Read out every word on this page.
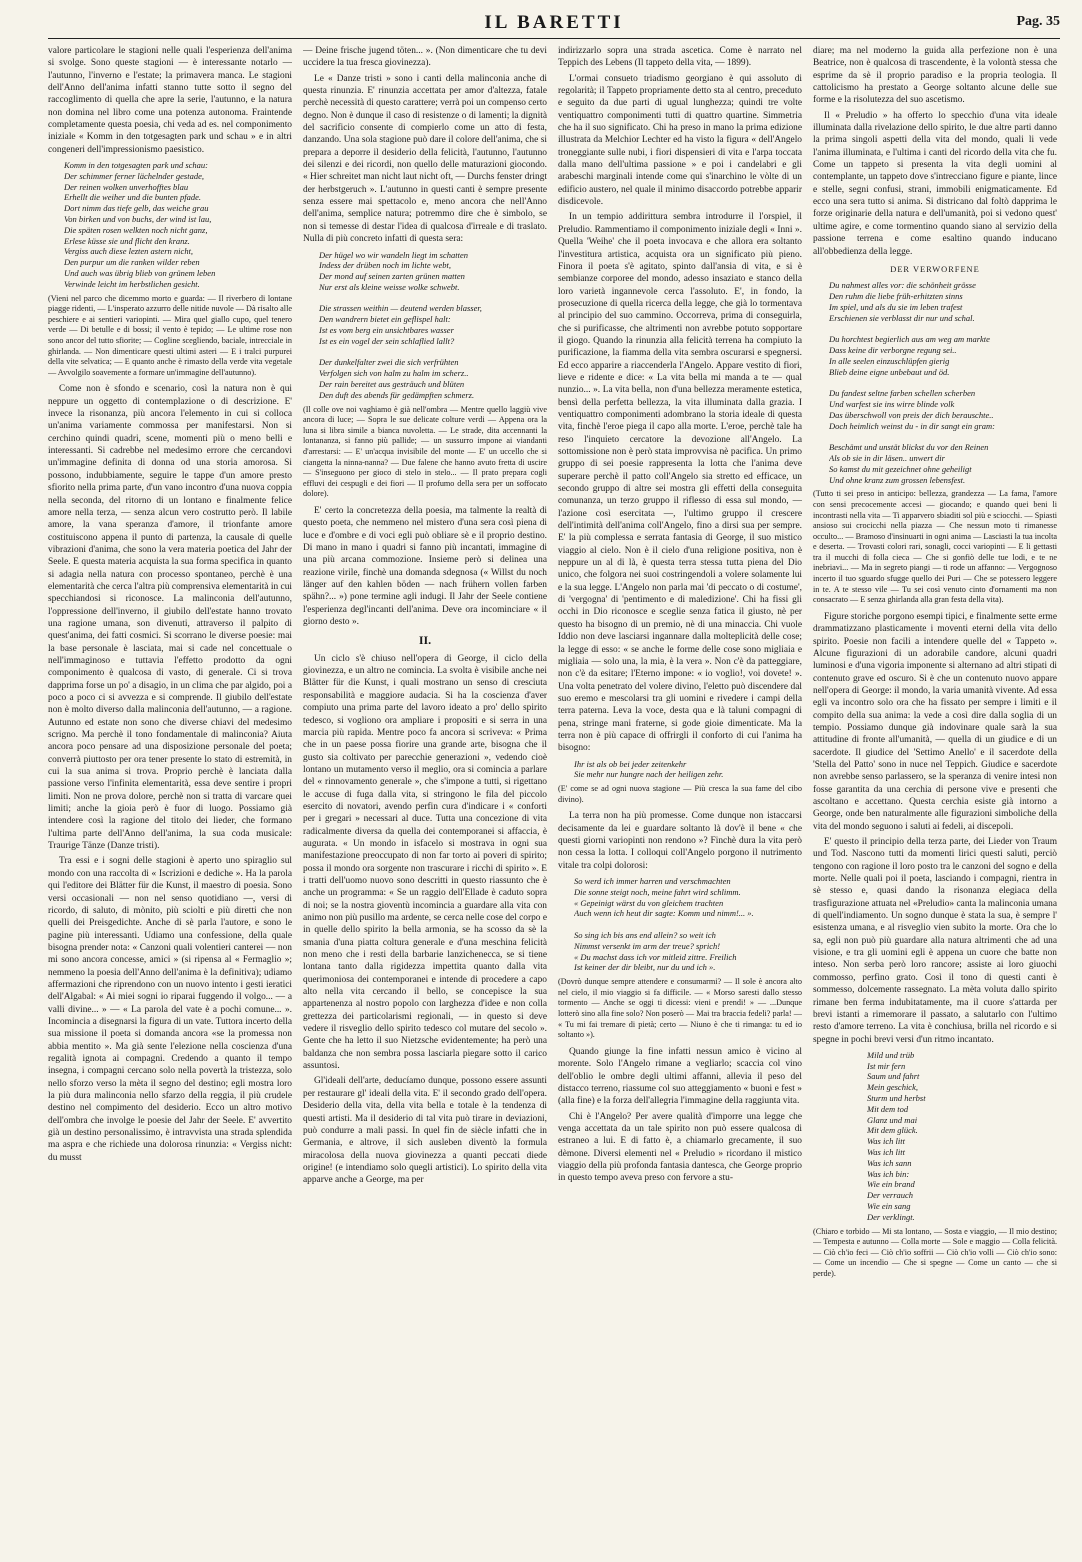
IL BARETTI	Pag. 35

valore particolare le stagioni nelle quali l'esperienza dell'anima si svolge. Sono queste stagioni — è interessante notarlo — l'autunno, l'inverno e l'estate; la primavera manca. Le stagioni dell'Anno dell'anima infatti stanno tutte sotto il segno del raccoglimento di quella che apre la serie, l'autunno, e la natura non domina nel libro come una potenza autonoma. Fraintende completamente questa poesia, chi veda ad es. nel componimento iniziale « Komm in den totgesagten park und schau » e in altri congeneri dell'impressionismo paesistico.

Komm in den totgesagten park und schau:
Der schimmer ferner lächelnder gestade,
Der reinen wolken unverhofftes blau
Erhellt die weiher und die bunten pfade.
Dort nimm das tiefe gelb, das weiche grau
Von birken und von buchs, der wind ist lau,
Die späten rosen welkten noch nicht ganz,
Erlese küsse sie und flicht den kranz.
Vergiss auch diese lezten astern nicht,
Den purpur um die ranken wilder reben
Und auch was übrig blieb von grünem leben
Verwinde leicht im herbstlichen gesicht.
(Vieni nel parco che dicemmo morto e guarda: — Il riverbero di lontane piagge ridenti, — L'insperato azzurro delle nitide nuvole — Dà risalto alle peschiere e ai sentieri variopinti. — Mira quel giallo cupo, quel tenero verde — Di betulle e di bossi; il vento è tepido; — Le ultime rose non sono ancor del tutto sfiorite; — Cogline scegliendo, baciale, intrecciale in ghirlanda. — Non dimenticare questi ultimi asteri — E i tralci purpurei della vite selvatica; — E quanto anche è rimasto della verde vita vegetale — Avvolgilo soavemente a formare un'immagine dell'autunno).

Come non è sfondo e scenario, così la natura non è qui neppure un oggetto di contemplazione o di descrizione. E' invece la risonanza, più ancora l'elemento in cui si colloca un'anima variamente commossa per manifestarsi. Non si cerchino quindi quadri, scene, momenti più o meno belli e interessanti. Si cadrebbe nel medesimo errore che cercandovi un'immagine definita di donna od una storia amorosa. Si possono, indubbiamente, seguire le tappe d'un amore presto sfiorito nella prima parte, d'un vano incontro d'una nuova coppia nella seconda, del ritorno di un lontano e finalmente felice amore nella terza, — senza alcun vero costrutto però. Il labile amore, la vana speranza d'amore, il trionfante amore costituiscono appena il punto di partenza, la causale di quelle vibrazioni d'anima, che sono la vera materia poetica del Jahr der Seele. E questa materia acquista la sua forma specifica in quanto si adagia nella natura con processo spontaneo, perchè è una elementarità che cerca l'altra più comprensiva elementarità in cui specchiandosi si riconosce. La malinconia dell'autunno, l'oppressione dell'inverno, il giubilo dell'estate hanno trovato una ragione umana, son divenuti, attraverso il palpito di quest'anima, dei fatti cosmici. Si scorrano le diverse poesie: mai la base personale è lasciata, mai si cade nel concettuale o nell'immaginoso e tuttavia l'effetto prodotto da ogni componimento è qualcosa di vasto, di generale. Ci si trova dapprima forse un po' a disagio, in un clima che par algido, poi a poco a poco ci si avvezza e si comprende. Il giubilo dell'estate non è molto diverso dalla malinconia dell'autunno, — a ragione. Autunno ed estate non sono che diverse chiavi del medesimo scrigno. Ma perchè il tono fondamentale di malinconia? Aiuta ancora poco pensare ad una disposizione personale del poeta; converrà piuttosto per ora tener presente lo stato di estremità, in cui la sua anima si trova. Proprio perchè è lanciata dalla passione verso l'infinita elementarità, essa deve sentire i propri limiti. Non ne prova dolore, perchè non si tratta di varcare quei limiti; anche la gioia però è fuor di luogo. Possiamo già intendere così la ragione del titolo dei lieder, che formano l'ultima parte dell'Anno dell'anima, la sua coda musicale: Traurige Tänze (Danze tristi).

Tra essi e i sogni delle stagioni è aperto uno spiraglio sul mondo con una raccolta di « Iscrizioni e dediche ». Ha la parola qui l'editore dei Blätter für die Kunst, il maestro di poesia. Sono versi occasionali — non nel senso quotidiano —, versi di ricordo, di saluto, di mònito, più sciolti e più diretti che non quelli dei Preisgedichte. Anche di sè parla l'autore, e sono le pagine più interessanti. Udiamo una confessione, della quale bisogna prender nota: « Canzoni quali volentieri canterei — non mi sono ancora concesse, amici » (si ripensa al « Fermaglio »; nemmeno la poesia dell'Anno dell'anima è la definitiva); udiamo affermazioni che riprendono con un nuovo intento i gesti ieratici dell'Algabal: « Ai miei sogni io riparai fuggendo il volgo... — a valli divine... » — « La parola del vate è a pochi comune... ». Incomincia a disegnarsi la figura di un vate. Tuttora incerto della sua missione il poeta si domanda ancora «se la promessa non abbia mentito ». Ma già sente l'elezione nella coscienza d'una regalità ignota ai compagni. Credendo a quanto il tempo insegna, i compagni cercano solo nella povertà la tristezza, solo nello sforzo verso la mèta il segno del destino; egli mostra loro la più dura malinconia nello sfarzo della reggia, il più crudele destino nel compimento del desiderio. Ecco un altro motivo dell'ombra che involge le poesie del Jahr der Seele. E' avvertito già un destino personalissimo, è intravvista una strada splendida ma aspra e che richiede una dolorosa rinunzia: « Vergiss nicht: du musst

— Deine frische jugend töten... ». (Non dimenticare che tu devi uccidere la tua fresca giovinezza).

Le « Danze tristi » sono i canti della malinconia anche di questa rinunzia. E' rinunzia accettata per amor d'altezza, fatale perchè necessità di questo carattere; verrà poi un compenso certo degno. Non è dunque il caso di resistenze o di lamenti; la dignità del sacrificio consente di compierlo come un atto di festa, danzando. Una sola stagione può dare il colore dell'anima, che si prepara a deporre il desiderio della felicità, l'autunno, l'autunno dei silenzi e dei ricordi, non quello delle maturazioni giocondo. « Hier schreitet man nicht laut nicht oft, — Durchs fenster dringt der herbstgeruch ». L'autunno in questi canti è sempre presente senza essere mai spettacolo e, meno ancora che nell'Anno dell'anima, semplice natura; potremmo dire che è simbolo, se non si temesse di destar l'idea di qualcosa d'irreale e di traslato. Nulla di più concreto infatti di questa sera:

Der hügel wo wir wandeln liegt im schatten
Indess der drüben noch im lichte webt,
Der mond auf seinen zarten grünen matten
Nur erst als kleine weisse wolke schwebt.

Die strassen weithin — deutend werden blasser,
Den wandrern bietet ein geflispel halt:
Ist es vom berg ein unsichtbares wasser
Ist es ein vogel der sein schlaflied lallt?

Der dunkelfalter zwei die sich verfrühten
Verfolgen sich von halm zu halm im scherz..
Der rain bereitet aus gesträuch und blüten
Den duft des abends für gedämpften schmerz.
(Il colle ove noi vaghiamo è già nell'ombra — Mentre quello laggiù vive ancora di luce; — Sopra le sue delicate colture verdi — Appena ora la luna si libra simile a bianca nuvoletta. — Le strade, dita accennanti la lontananza, si fanno più pallide; — un sussurro impone ai viandanti d'arrestarsi: — E' un'acqua invisibile del monte — E' un uccello che si ciangetta la ninna-nanna? — Due falene che hanno avuto fretta di uscire — S'inseguono per gioco di stelo in stelo... — Il prato prepara cogli effluvi dei cespugli e dei fiori — Il profumo della sera per un soffocato dolore).

E' certo la concretezza della poesia, ma talmente la realtà di questo poeta, che nemmeno nel mistero d'una sera così piena di luce e d'ombre e di voci egli può obliare sè e il proprio destino. Di mano in mano i quadri si fanno più incantati, immagine di una più arcana commozione. Insieme però si delinea una reazione virile, finchè una domanda sdegnosa (« Willst du noch länger auf den kahlen böden — nach frühern vollen farben spähn?... ») pone termine agli indugi. Il Jahr der Seele contiene l'esperienza degl'incanti dell'anima. Deve ora incominciare « il giorno desto ».

II.

Un ciclo s'è chiuso nell'opera di George, il ciclo della giovinezza, e un altro ne comincia. La svolta è visibile anche nei Blätter für die Kunst, i quali mostrano un senso di cresciuta responsabilità e maggiore audacia. Si ha la coscienza d'aver compiuto una prima parte del lavoro ideato a pro' dello spirito tedesco, si vogliono ora ampliare i propositi e si serra in una marcia più rapida. Mentre poco fa ancora si scriveva: « Prima che in un paese possa fiorire una grande arte, bisogna che il gusto sia coltivato per parecchie generazioni », vedendo cioè lontano un mutamento verso il meglio, ora si comincia a parlare del « rinnovamento generale », che s'impone a tutti, si rigettano le accuse di fuga dalla vita, si stringono le fila del piccolo esercito di novatori, avendo perfin cura d'indicare i « conforti per i gregari » necessari al duce. Tutta una concezione di vita radicalmente diversa da quella dei contemporanei si affaccia, è augurata. « Un mondo in isfacelo si mostrava in ogni sua manifestazione preoccupato di non far torto ai poveri di spirito; possa il mondo ora sorgente non trascurare i ricchi di spirito ». E i tratti dell'uomo nuovo sono descritti in questo riassunto che è anche un programma: « Se un raggio dell'Ellade è caduto sopra di noi; se la nostra gioventù incomincia a guardare alla vita con animo non più pusillo ma ardente, se cerca nelle cose del corpo e in quelle dello spirito la bella armonia, se ha scosso da sè la smania d'una piatta coltura generale e d'una meschina felicità non meno che i resti della barbarie lanzichenecca, se si tiene lontana tanto dalla rigidezza impettita quanto dalla vita querimoniosa dei contemporanei e intende di procedere a capo alto nella vita cercando il bello, se concepisce la sua appartenenza al nostro popolo con larghezza d'idee e non colla grettezza dei particolarismi regionali, — in questo si deve vedere il risveglio dello spirito tedesco col mutare del secolo ». Gente che ha letto il suo Nietzsche evidentemente; ha però una baldanza che non sembra possa lasciarla piegare sotto il carico assuntosi.

Gl'ideali dell'arte, deducíamo dunque, possono essere assunti per restaurare gl' ideali della vita. E' il secondo grado dell'opera. Desiderio della vita, della vita bella e totale è la tendenza di questi artisti. Ma il desiderio di tal vita può tirare in deviazioni, può condurre a mali passi. In quel fin de siècle infatti che in Germania, e altrove, il sich ausleben diventò la formula miracolosa della nuova giovinezza a quanti peccati diede origine! (e intendiamo solo quegli artistici). Lo spirito della vita apparve anche a George, ma per

indirizzarlo sopra una strada ascetica. Come è narrato nel Teppich des Lebens (Il tappeto della vita, — 1899).

L'ormai consueto triadismo georgiano è qui assoluto di regolarità; il Tappeto propriamente detto sta al centro, preceduto e seguito da due parti di ugual lunghezza; quindi tre volte ventiquattro componimenti tutti di quattro quartine. Simmetria che ha il suo significato. Chi ha preso in mano la prima edizione illustrata da Melchior Lechter ed ha visto la figura « dell'Angelo troneggiante sulle nubi, i fiori dispensieri di vita e l'arpa toccata dalla mano dell'ultima passione » e poi i candelabri e gli arabeschi marginali intende come qui s'inarchino le vòlte di un edificio austero, nel quale il minimo disaccordo potrebbe apparir disdicevole.

In un tempio addirittura sembra introdurre il l'orspiel, il Preludio. Rammentiamo il componimento iniziale degli « Inni ». Quella 'Weihe' che il poeta invocava e che allora era soltanto l'investitura artistica, acquista ora un significato più pieno. Finora il poeta s'è agitato, spinto dall'ansia di vita, e si è sembianze corporee del mondo, adesso insaziato e stanco della loro varietà ingannevole cerca l'assoluto. E', in fondo, la prosecuzione di quella ricerca della legge, che già lo tormentava al principio del suo cammino. Occorreva, prima di conseguirla, che si purificasse, che altrimenti non avrebbe potuto sopportare il giogo. Quando la rinunzia alla felicità terrena ha compiuto la purificazione, la fiamma della vita sembra oscurarsi e spegnersi. Ed ecco apparire a riaccenderla l'Angelo. Appare vestito di fiori, lieve e ridente e dice: « La vita bella mi manda a te — qual nunzio... ». La vita bella, non d'una bellezza meramente estetica, bensì della perfetta bellezza, la vita illuminata dalla grazia. I ventiquattro componimenti adombrano la storia ideale di questa vita, finchè l'eroe piega il capo alla morte. L'eroe, perchè tale ha reso l'inquieto cercatore la devozione all'Angelo. La sottomissione non è però stata improvvisa nè pacifica. Un primo gruppo di sei poesie rappresenta la lotta che l'anima deve superare perchè il patto coll'Angelo sia stretto ed efficace, un secondo gruppo di altre sei mostra gli effetti della conseguita comunanza, un terzo gruppo il riflesso di essa sul mondo, — l'azione così esercitata —, l'ultimo gruppo il crescere dell'intimità dell'anima coll'Angelo, fino a dirsi sua per sempre. E' la più complessa e serrata fantasia di George, il suo mistico viaggio al cielo. Non è il cielo d'una religione positiva, non è neppure un al di là, è questa terra stessa tutta piena del Dio unico, che folgora nei suoi costringendoli a volere solamente lui e la sua legge. L'Angelo non parla mai 'di peccato o di costume', di 'vergogna' di 'pentimento e di maledizione'. Chi ha fissi gli occhi in Dio riconosce e sceglie senza fatica il giusto, nè per questo ha bisogno di un premio, nè di una minaccia. Chi vuole Iddio non deve lasciarsi ingannare dalla molteplicità delle cose; la legge di esso: « se anche le forme delle cose sono migliaia e migliaia — solo una, la mia, è la vera ». Non c'è da patteggiare, non c'è da esitare; l'Eterno impone: « io voglio!, voi dovete! ». Una volta penetrato del volere divino, l'eletto può discendere dal suo eremo e mescolarsi tra gli uomini e rivedere i campi della terra paterna. Leva la voce, desta qua e là taluni compagni di pena, stringe mani fraterne, si gode gioie dimenticate. Ma la terra non è più capace di offrirgli il conforto di cui l'anima ha bisogno:

Ihr ist als ob bei jeder zeitenkehr
Sie mehr nur hungre nach der heiligen zehr.
(E' come se ad ogni nuova stagione — Più cresca la sua fame del cibo divino).

La terra non ha più promesse. Come dunque non istaccarsi decisamente da lei e guardare soltanto là dov'è il bene « che questi giorni variopinti non rendono »? Finchè dura la vita però non cessa la lotta. I colloqui coll'Angelo porgono il nutrimento vitale tra colpi dolorosi:

So werd ich immer harren und verschmachten
Die sonne steigt noch, meine fahrt wird schlimm.
« Gepeinigt wärst du von gleichem trachten
Auch wenn ich heut dir sagte: Komm und nimm!... ».

So sing ich bis ans end allein? so weit ich
Nimmst versenkt im arm der treue? sprich!
« Du machst dass ich vor mitleid zittre. Freilich
Ist keiner der dir bleibt, nur du und ich ».
(Dovrò dunque sempre attendere e consumarmi? — Il sole è ancora alto nel cielo, il mio viaggio si fa difficile. — « Morso saresti dallo stesso tormento — Anche se oggi ti dicessi: vieni e prendi! » — ...Dunque lotterò sino alla fine solo? Non poserò — Mai tra braccia fedeli? parla! — « Tu mi fai tremare di pietà; certo — Niuno è che ti rimanga: tu ed io soltanto »).

Quando giunge la fine infatti nessun amico è vicino al morente. Solo l'Angelo rimane a vegliarlo; scaccia col vino dell'oblio le ombre degli ultimi affanni, allevia il peso del distacco terreno, riassume col suo atteggiamento « buoni e fest » (alla fine) e la forza dell'allegria l'immagine della raggiunta vita.

Chi è l'Angelo? Per avere qualità d'imporre una legge che venga accettata da un tale spirito non può essere qualcosa di estraneo a lui. E di fatto è, a chiamarlo grecamente, il suo dèmone. Diversi elementi nel « Preludio » ricordano il mistico viaggio della più profonda fantasia dantesca, che George proprio in questo tempo aveva preso con fervore a stu-

diare; ma nel moderno la guida alla perfezione non è una Beatrice, non è qualcosa di trascendente, è la volontà stessa che esprime da sè il proprio paradiso e la propria teologia. Il cattolicismo ha prestato a George soltanto alcune delle sue forme e la risolutezza del suo ascetismo.

Il « Preludio » ha offerto lo specchio d'una vita ideale illuminata dalla rivelazione dello spirito, le due altre parti danno la prima singoli aspetti della vita del mondo, quali li vede l'anima illuminata, e l'ultima i canti del ricordo della vita che fu. Come un tappeto si presenta la vita degli uomini al contemplante, un tappeto dove s'intrecciano figure e piante, lince e stelle, segni confusi, strani, immobili enigmaticamente. Ed ecco una sera tutto si anima. Si districano dal foltò dapprima le forze originarie della natura e dell'umanità, poi si vedono quest' ultime agire, e come tormentino quando siano al servizio della passione terrena e come esaltino quando inducano all'obbedienza della legge.

DER VERWORFENE
Du nahmest alles vor: die schönheit grösse
Den ruhm die liebe früh-erhitzten sinns
Im spiel, und als du sie im leben trafest
Erschienen sie verblasst dir nur und schal.

Du horchtest begierlich aus am weg am markte
Dass keine dir verborgne regung sei..
In alle seelen einzuschlüpfen gierig
Blieb deine eigne unbebaut und öd.

Du fandest seltne farben schellen scherben
Und warfest sie ins wirre blinde volk
Das überschwoll von preis der dich berauschte..
Doch heimlich weinst du - in dir sangt ein gram:

Beschämt und unstät blickst du vor den Reinen
Als ob sie in dir läsen.. unwert dir
So kamst du mit gezeichnet ohne geheiligt
Und ohne kranz zum grossen lebensfest.
(Tutto ti sei preso in anticipo: bellezza, grandezza — La fama, l'amore con sensi precocemente accesi — giocando; e quando quei beni li incontrasti nella vita — Ti apparvero sbiaditi sol più e sciocchi. — Spiasti ansioso sui crocicchi nella piazza — Che nessun moto ti rimanesse occulto... — Bramoso d'insinuarti in ogni anima — Lasciasti la tua incolta e deserta. — Trovasti colori rari, sonagli, cocci variopinti — E li gettasti tra il mucchi di folla cieca — Che si gonfiò delle tue lodi, e te ne inebriavi... — Ma in segreto piangi — ti rode un affanno: — Vergognoso incerto il tuo sguardo sfugge quello dei Puri — Che se potessero leggere in te. A te stesso vile — Tu sei così venuto cinto d'ornamenti ma non consacrato — E senza ghirlanda alla gran festa della vita).

Figure storiche porgono esempi tipici, e finalmente sette erme drammatizzano plasticamente i moventi eterni della vita dello spirito. Poesie non facili a intendere quelle del « Tappeto ». Alcune figurazioni di un adorabile candore, alcuni quadri luminosi e d'una vigoria imponente si alternano ad altri stipati di contenuto grave ed oscuro. Si è che un contenuto nuovo appare nell'opera di George: il mondo, la varia umanità vivente. Ad essa egli va incontro solo ora che ha fissato per sempre i limiti e il compito della sua anima: la vede a così dire dalla soglia di un tempio. Possiamo dunque già indovinare quale sarà la sua attitudine di fronte all'umanità, — quella di un giudice e di un sacerdote. Il giudice del 'Settimo Anello' e il sacerdote della 'Stella del Patto' sono in nuce nel Teppich. Giudice e sacerdote non avrebbe senso parlassero, se la speranza di venire intesi non fosse garantita da una cerchia di persone vive e presenti che ascoltano e accettano. Questa cerchia esiste già intorno a George, onde ben naturalmente alle figurazioni simboliche della vita del mondo seguono i saluti ai fedeli, ai discepoli.

E' questo il principio della terza parte, dei Lieder von Traum und Tod. Nascono tutti da momenti lirici questi saluti, perciò tengono con ragione il loro posto tra le canzoni del sogno e della morte. Nelle quali poi il poeta, lasciando i compagni, rientra in sè stesso e, quasi dando la risonanza elegiaca della trasfigurazione attuata nel «Preludio» canta la malinconia umana di quell'indiamento. Un sogno dunque è stata la sua, è sempre l' esistenza umana, e al risveglio vien subito la morte. Ora che lo sa, egli non può più guardare alla natura altrimenti che ad una visione, e tra gli uomini egli è appena un cuore che batte non inteso. Non serba però loro rancore; assiste ai loro giuochi commosso, perfino grato. Così il tono di questi canti è sommesso, dolcemente rassegnato. La mèta voluta dallo spirito rimane ben ferma indubitatamente, ma il cuore s'attarda per brevi istanti a rimemorare il passato, a salutarlo con l'ultimo resto d'amore terreno. La vita è conchiusa, brilla nel ricordo e si spegne in pochi brevi versi d'un ritmo incantato.

Mild und trüb
Ist mir fern
Saum und fahrt
Mein geschick,
Sturm und herbst
Mit dem tod
Glanz und mai
Mit dem glück.
Was ich litt
Was ich litt
Was ich sann
Was ich bin:
Wie ein brand
Der verrauch
Wie ein sang
Der verklingt.
(Chiaro e torbido — Mi sta lontano, — Sosta e viaggio, — Il mio destino; — Tempesta e autunno — Colla morte — Sole e maggio — Colla felicità. — Ciò ch'io feci — Ciò ch'io soffrii — Ciò ch'io volli — Ciò ch'io sono: — Come un incendio — Che si spegne — Come un canto — che si perde).
